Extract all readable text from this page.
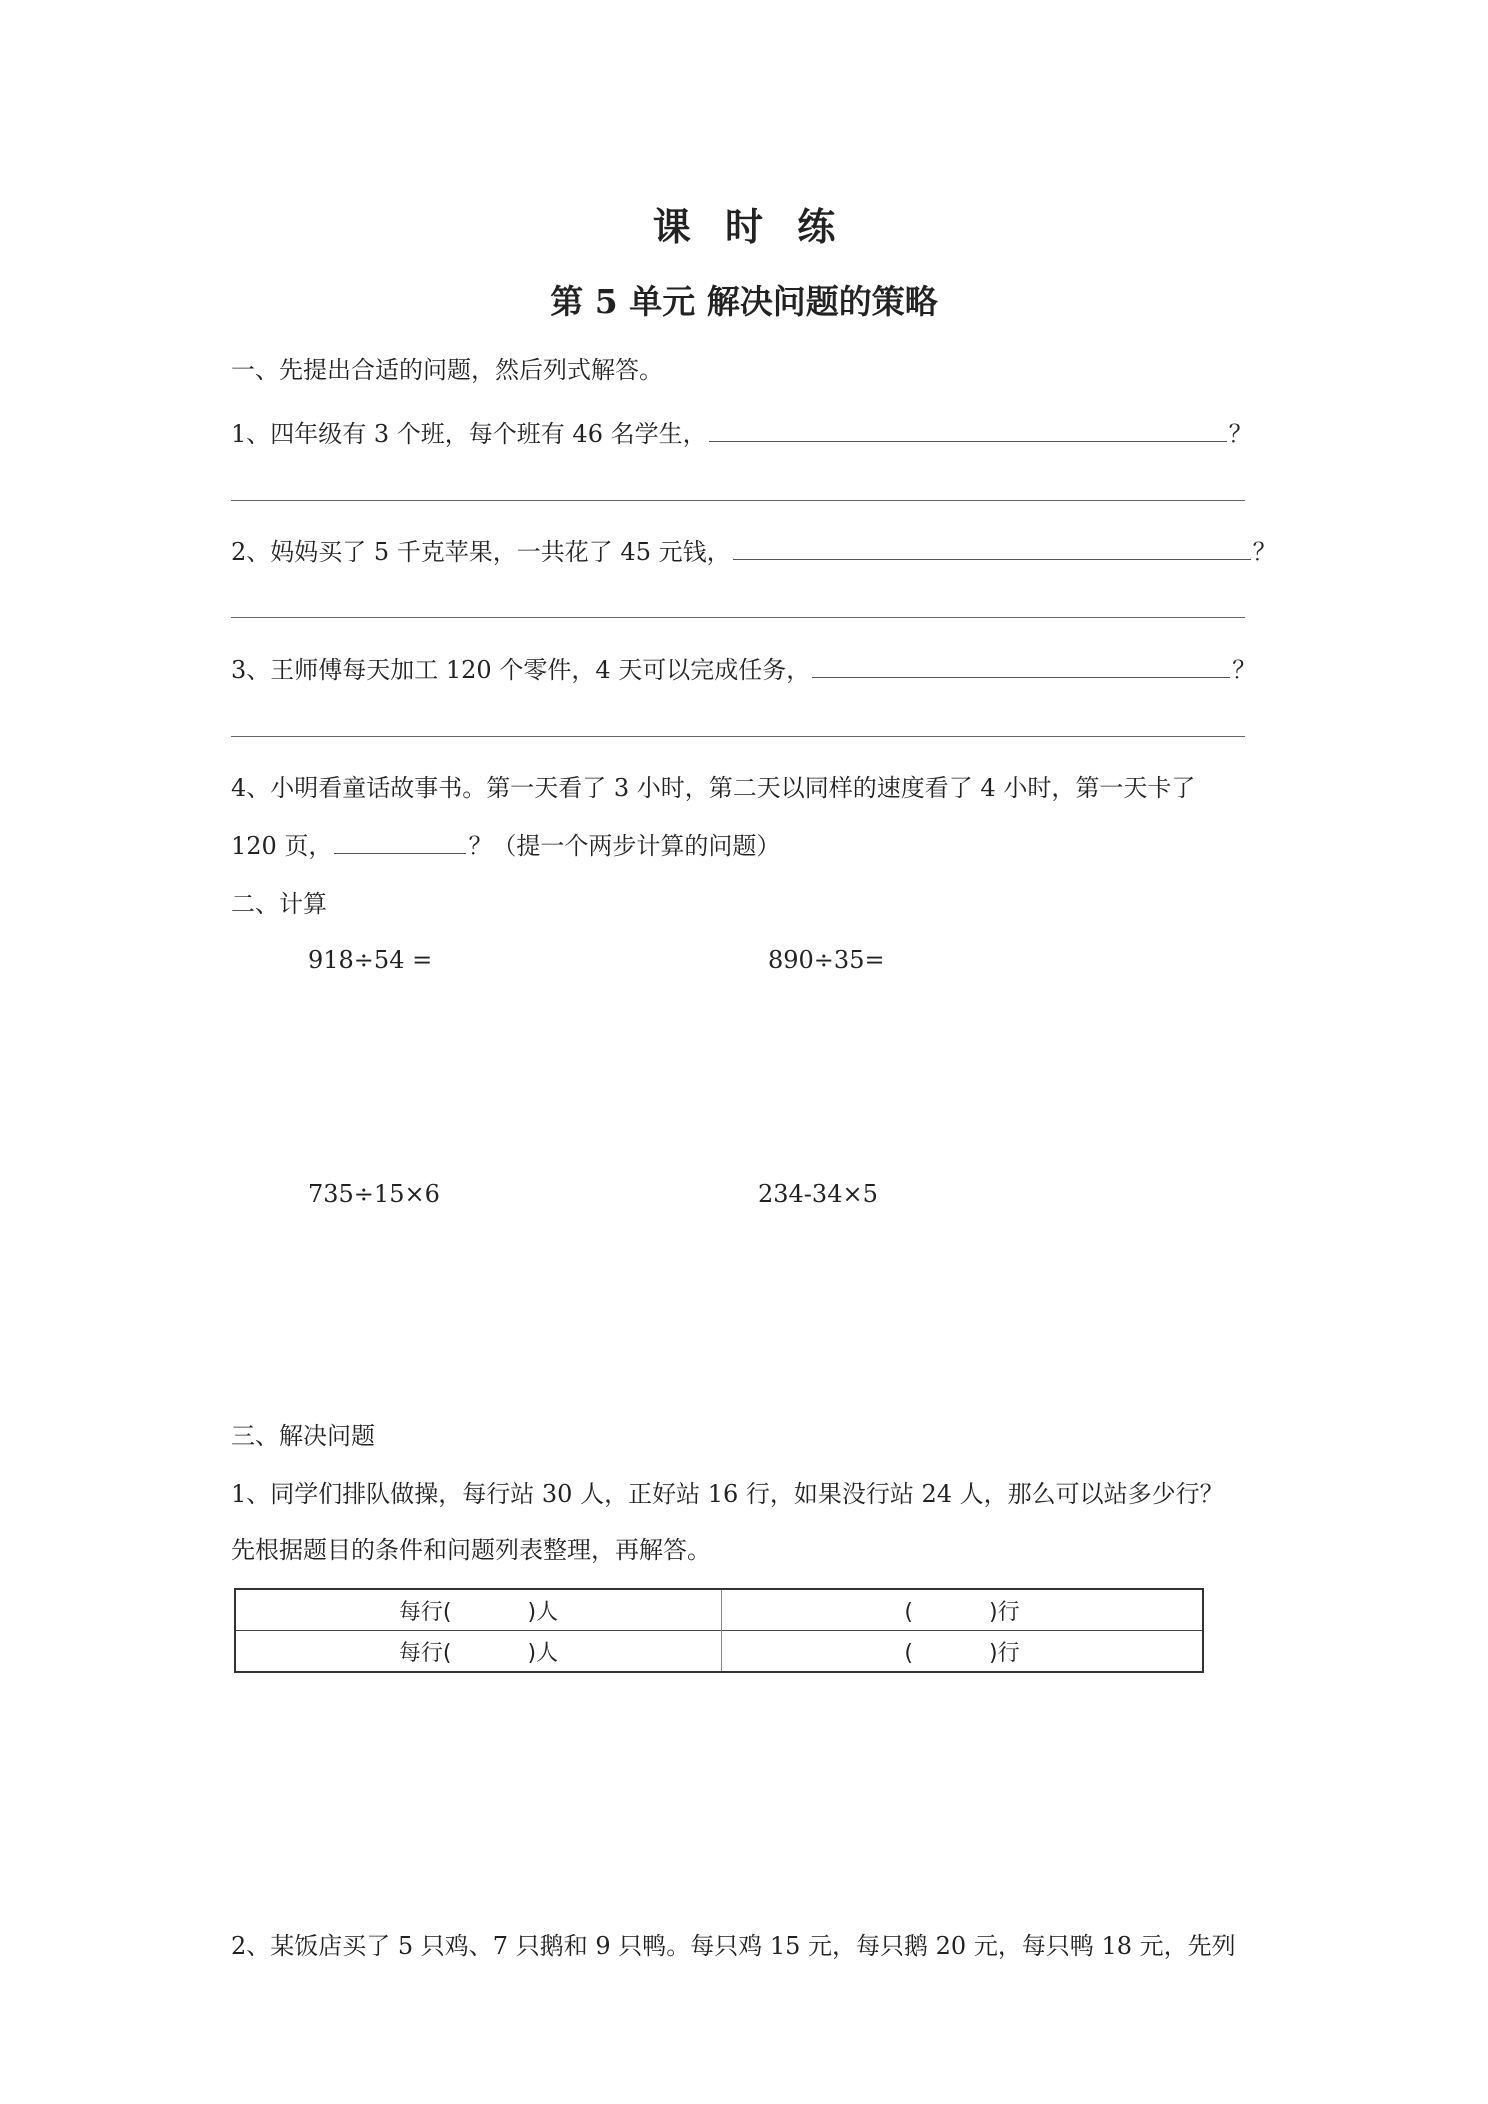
课 时 练
第 5 单元 解决问题的策略
一、先提出合适的问题，然后列式解答。
1、四年级有 3 个班，每个班有 46 名学生，	？
2、妈妈买了 5 千克苹果，一共花了 45 元钱，	？
3、王师傅每天加工 120 个零件，4 天可以完成任务，	？
4、小明看童话故事书。第一天看了 3 小时，第二天以同样的速度看了 4 小时，第一天卡了
120 页，	？（提一个两步计算的问题）
二、计算
918÷54 =	890÷35=
735÷15×6	234-34×5
三、解决问题
1、同学们排队做操，每行站 30 人，正好站 16 行，如果没行站 24 人，那么可以站多少行？
先根据题目的条件和问题列表整理，再解答。
每行( )人	( )行
每行( )人	( )行
2、某饭店买了 5 只鸡、7 只鹅和 9 只鸭。每只鸡 15 元，每只鹅 20 元，每只鸭 18 元，先列
